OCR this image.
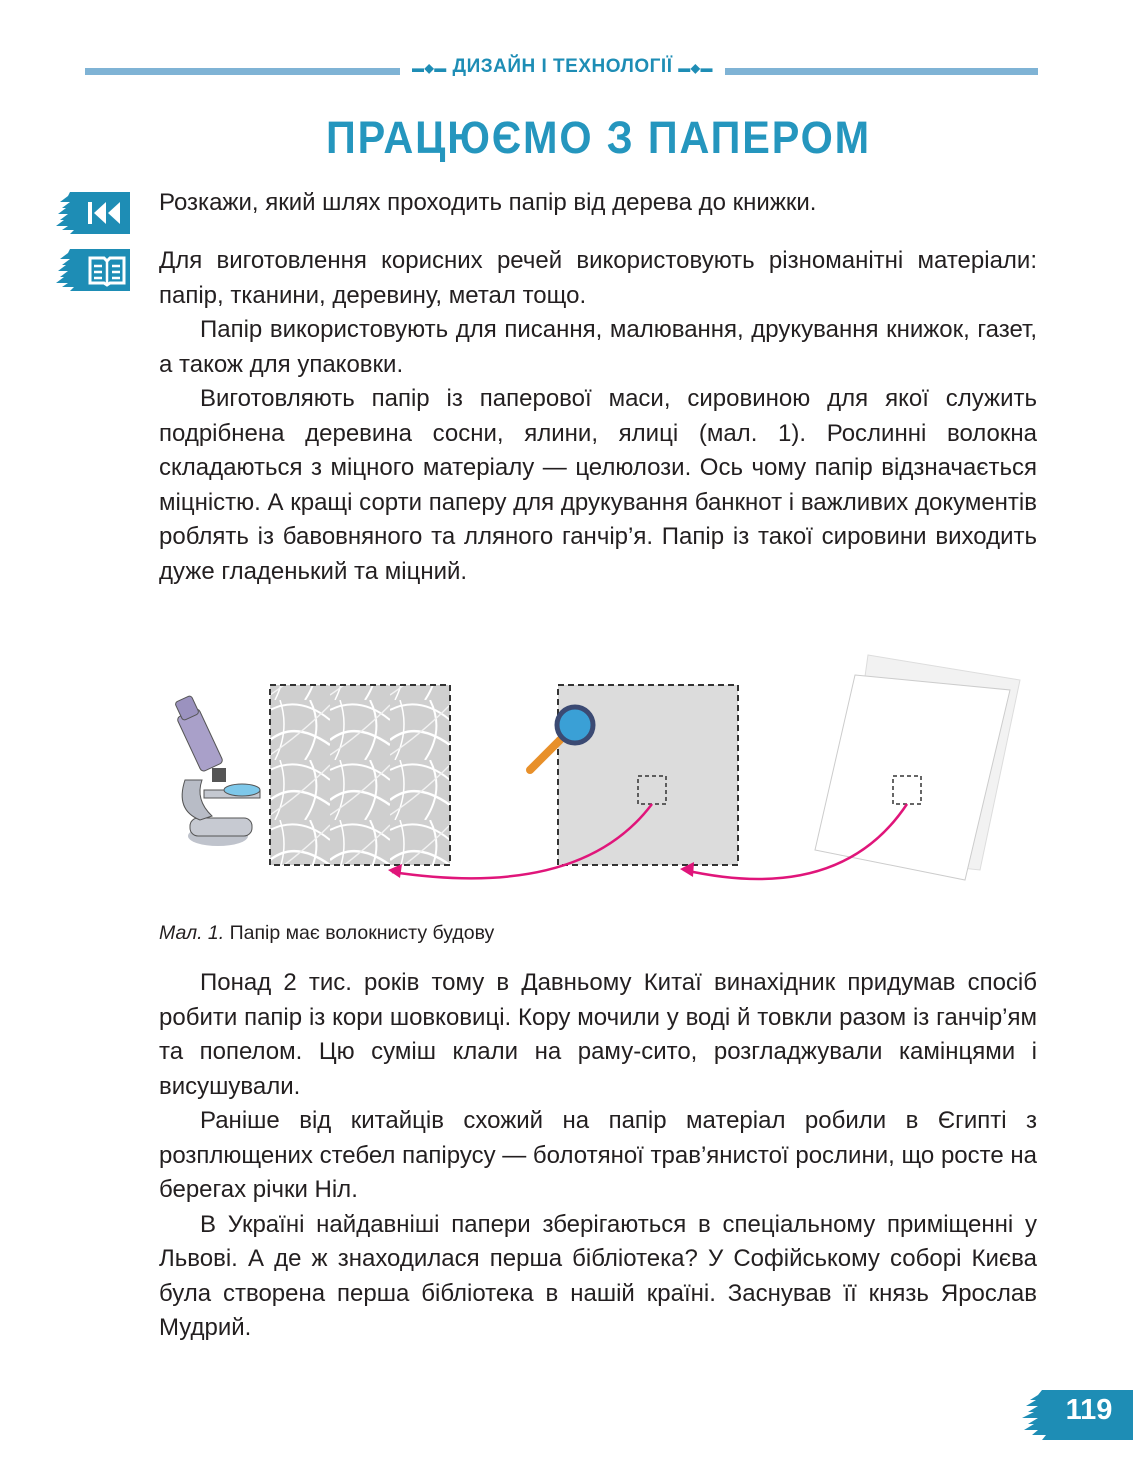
▬◆▬ ДИЗАЙН І ТЕХНОЛОГІЇ ▬◆▬
ПРАЦЮЄМО З ПАПЕРОМ

Розкажи, який шлях проходить папір від дерева до книжки.

Для виготовлення корисних речей використовують різноманітні матеріали: папір, тканини, деревину, метал тощо.

Папір використовують для писання, малювання, друкування книжок, газет, а також для упаковки.

Виготовляють папір із паперової маси, сировиною для якої служить подрібнена деревина сосни, ялини, ялиці (мал. 1). Рослинні волокна складаються з міцного матеріалу — целюлози. Ось чому папір відзначається міцністю. А кращі сорти паперу для друкування банкнот і важливих документів роблять із бавовняного та лляного ганчір’я. Папір із такої сировини виходить дуже гладенький та міцний.

Мал. 1. Папір має волокнисту будову

Понад 2 тис. років тому в Давньому Китаї винахідник придумав спосіб робити папір із кори шовковиці. Кору мочили у воді й товкли разом із ганчір’ям та попелом. Цю суміш клали на раму-сито, розгладжували камінцями і висушували.

Раніше від китайців схожий на папір матеріал робили в Єгипті з розплющених стебел папірусу — болотяної трав’янистої рослини, що росте на берегах річки Ніл.

В Україні найдавніші папери зберігаються в спеціальному приміщенні у Львові. А де ж знаходилася перша бібліотека? У Софійському соборі Києва була створена перша бібліотека в нашій країні. Заснував її князь Ярослав Мудрий.

119
